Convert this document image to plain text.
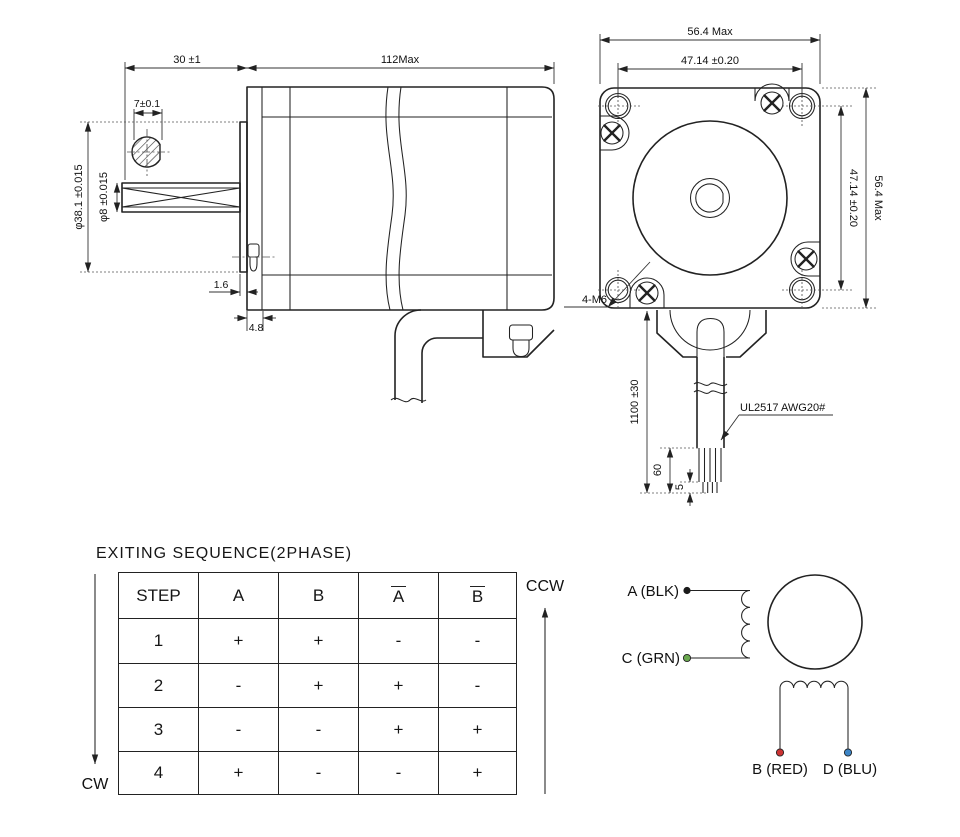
30 ±1	112Max
7±0.1
φ38.1 ±0.015 φ8 ±0.015
1.6
4.8
56.4 Max
47.14 ±0.20
47.14 ±0.20 56.4 Max
4-M6
1100 ±30
60
5
UL2517 AWG20#
CW
CCW	A (BLK)
C (GRN)
B (RED) D (BLU)
EXITING SEQUENCE(2PHASE)
STEP	A	B	A	B
1	+	+	-	-
2	-	+	+	-
3	-	-	+	+
4	+	-	-	+
